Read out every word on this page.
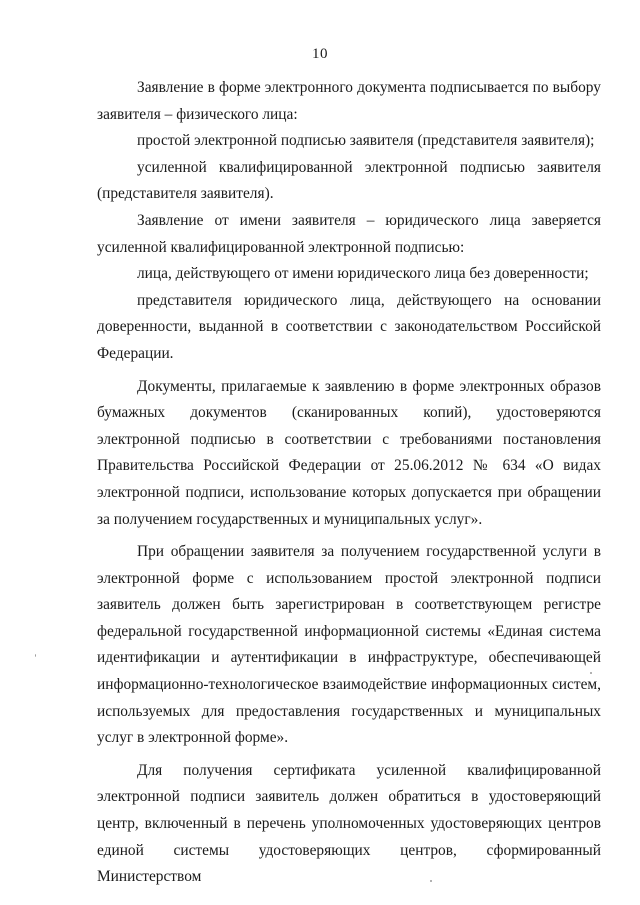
10

Заявление в форме электронного документа подписывается по выбору заявителя – физического лица:

простой электронной подписью заявителя (представителя заявителя);

усиленной квалифицированной электронной подписью заявителя (представителя заявителя).

Заявление от имени заявителя – юридического лица заверяется усиленной квалифицированной электронной подписью:

лица, действующего от имени юридического лица без доверенности;

представителя юридического лица, действующего на основании доверенности, выданной в соответствии с законодательством Российской Федерации.

Документы, прилагаемые к заявлению в форме электронных образов бумажных документов (сканированных копий), удостоверяются электронной подписью в соответствии с требованиями постановления Правительства Российской Федерации от 25.06.2012 № 634 «О видах электронной подписи, использование которых допускается при обращении за получением государственных и муниципальных услуг».

При обращении заявителя за получением государственной услуги в электронной форме с использованием простой электронной подписи заявитель должен быть зарегистрирован в соответствующем регистре федеральной государственной информационной системы «Единая система идентификации и аутентификации в инфраструктуре, обеспечивающей информационно-технологическое взаимодействие информационных систем, используемых для предоставления государственных и муниципальных услуг в электронной форме».

Для получения сертификата усиленной квалифицированной электронной подписи заявитель должен обратиться в удостоверяющий центр, включенный в перечень уполномоченных удостоверяющих центров единой системы удостоверяющих центров, сформированный Министерством
